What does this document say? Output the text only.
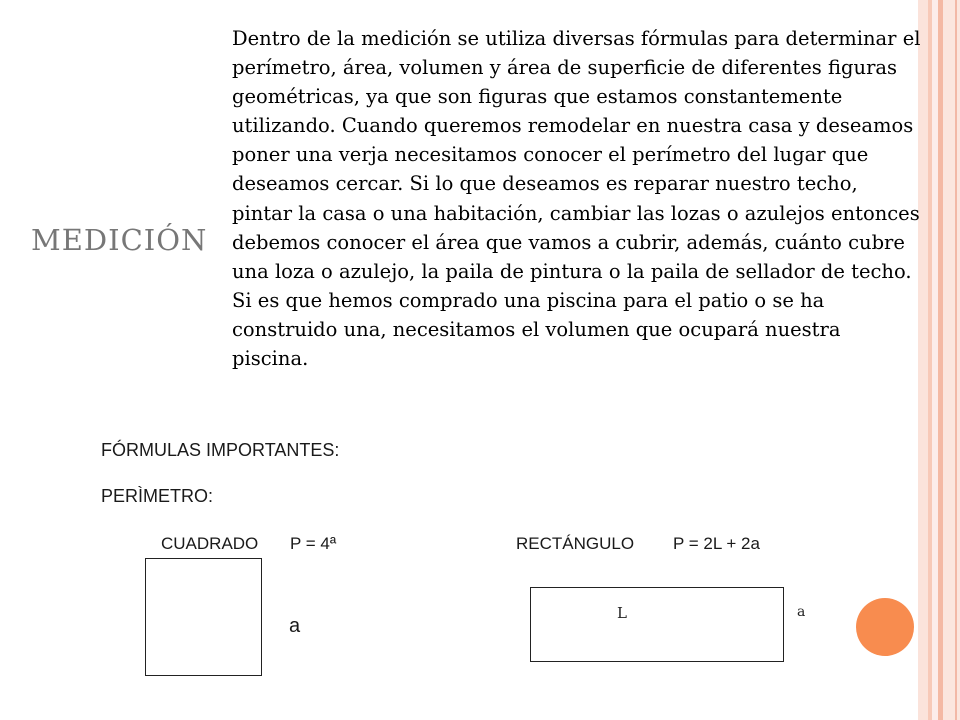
MEDICIÓN

Dentro de la medición se utiliza diversas fórmulas para determinar el perímetro, área, volumen y área de superficie de diferentes figuras geométricas, ya que son figuras que estamos constantemente utilizando. Cuando queremos remodelar en nuestra casa y deseamos poner una verja necesitamos conocer el perímetro del lugar que deseamos cercar. Si lo que deseamos es reparar nuestro techo, pintar la casa o una habitación, cambiar las lozas o azulejos entonces debemos conocer el área que vamos a cubrir, además, cuánto cubre una loza o azulejo, la paila de pintura o la paila de sellador de techo. Si es que hemos comprado una piscina para el patio o se ha construido una, necesitamos el volumen que ocupará nuestra piscina.

FÓRMULAS IMPORTANTES:

PERÌMETRO:

CUADRADO P = 4ª

a

RECTÁNGULO P = 2L + 2a

L	a
